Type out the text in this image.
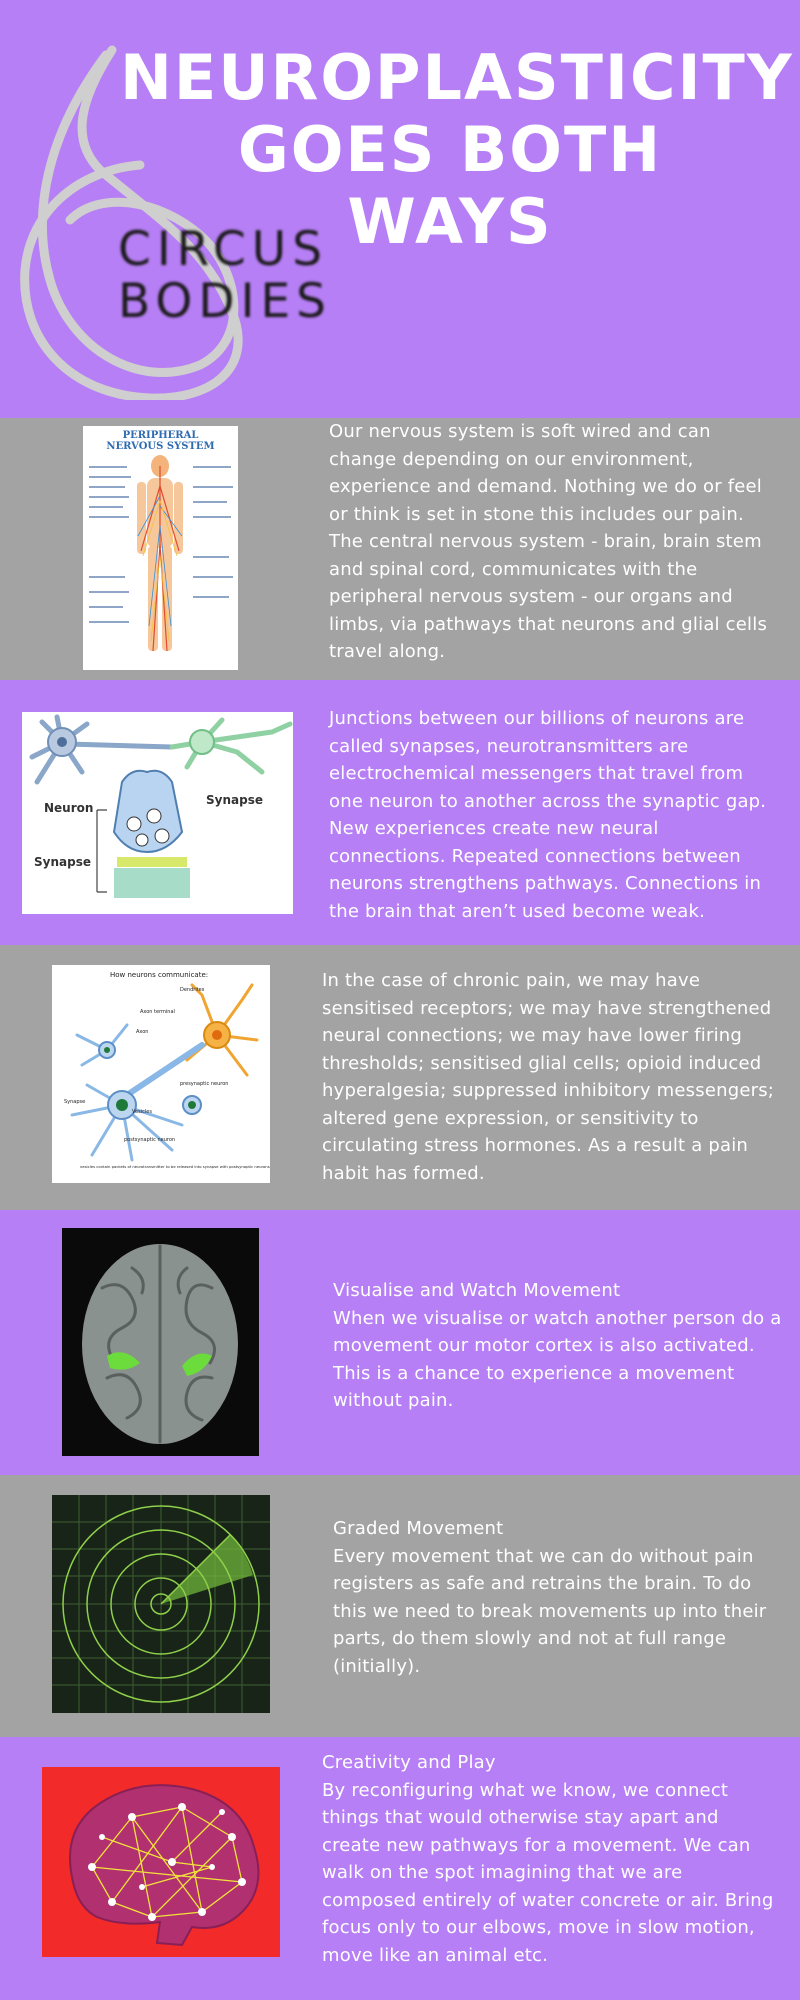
CIRCUS
BODIES
NEUROPLASTICITY
GOES BOTH
WAYS
PERIPHERAL
NERVOUS SYSTEM

Our nervous system is soft wired and can change depending on our environment, experience and demand. Nothing we do or feel or think is set in stone this includes our pain. The central nervous system - brain, brain stem and spinal cord, communicates with the peripheral nervous system - our organs and limbs, via pathways that neurons and glial cells travel along.

Neuron
Synapse
Synapse

Junctions between our billions of neurons are called synapses, neurotransmitters are electrochemical messengers that travel from one neuron to another across the synaptic gap. New experiences create new neural connections. Repeated connections between neurons strengthens pathways. Connections in the brain that aren’t used become weak.

How neurons communicate:
Dendrites
Axon terminal
Axon
presynaptic neuron
Synapse
Vesicles
postsynaptic neuron
vesicles contain packets of neurotransmitter to be released into synapse with postsynaptic neurons

In the case of chronic pain, we may have sensitised receptors; we may have strengthened neural connections; we may have lower firing thresholds; sensitised glial cells; opioid induced hyperalgesia; suppressed inhibitory messengers; altered gene expression, or sensitivity to circulating stress hormones. As a result a pain habit has formed.

Visualise and Watch Movement

When we visualise or watch another person do a movement our motor cortex is also activated. This is a chance to experience a movement without pain.

Graded Movement

Every movement that we can do without pain registers as safe and retrains the brain. To do this we need to break movements up into their parts, do them slowly and not at full range (initially).

Creativity and Play

By reconfiguring what we know, we connect things that would otherwise stay apart and create new pathways for a movement. We can walk on the spot imagining that we are composed entirely of water concrete or air. Bring focus only to our elbows, move in slow motion, move like an animal etc.
